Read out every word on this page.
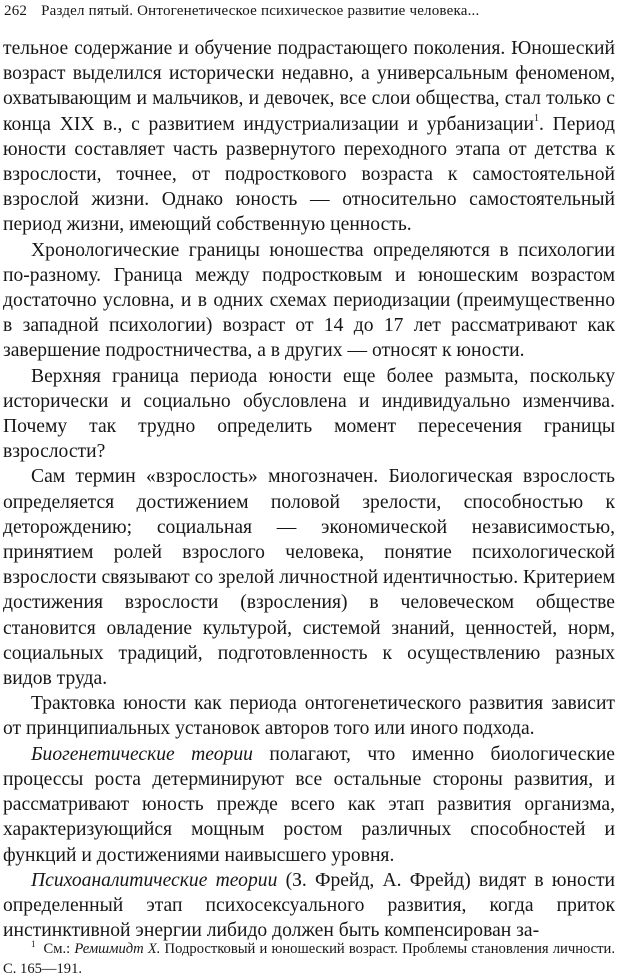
262 Раздел пятый. Онтогенетическое психическое развитие человека...

тельное содержание и обучение подрастающего поколения. Юношеский возраст выделился исторически недавно, а универсальным феноменом, охватывающим и мальчиков, и девочек, все слои общества, стал только с конца XIX в., с развитием индустриализации и урбанизации$^1$. Период юности составляет часть развернутого переходного этапа от детства к взрослости, точнее, от подросткового возраста к самостоятельной взрослой жизни. Однако юность — относительно самостоятельный период жизни, имеющий собственную ценность.

Хронологические границы юношества определяются в психологии по-разному. Граница между подростковым и юношеским возрастом достаточно условна, и в одних схемах периодизации (преимущественно в западной психологии) возраст от 14 до 17 лет рассматривают как завершение подростничества, а в других — относят к юности.

Верхняя граница периода юности еще более размыта, поскольку исторически и социально обусловлена и индивидуально изменчива. Почему так трудно определить момент пересечения границы взрослости?

Сам термин «взрослость» многозначен. Биологическая взрослость определяется достижением половой зрелости, способностью к деторождению; социальная — экономической независимостью, принятием ролей взрослого человека, понятие психологической взрослости связывают со зрелой личностной идентичностью. Критерием достижения взрослости (взросления) в человеческом обществе становится овладение культурой, системой знаний, ценностей, норм, социальных традиций, подготовленность к осуществлению разных видов труда.

Трактовка юности как периода онтогенетического развития зависит от принципиальных установок авторов того или иного подхода.

Биогенетические теории полагают, что именно биологические процессы роста детерминируют все остальные стороны развития, и рассматривают юность прежде всего как этап развития организма, характеризующийся мощным ростом различных способностей и функций и достижениями наивысшего уровня.

Психоаналитические теории (З. Фрейд, А. Фрейд) видят в юности определенный этап психосексуального развития, когда приток инстинктивной энергии либидо должен быть компенсирован за-

$^1$ См.: Ремшмидт Х. Подростковый и юношеский возраст. Проблемы становления личности. С. 165—191.
